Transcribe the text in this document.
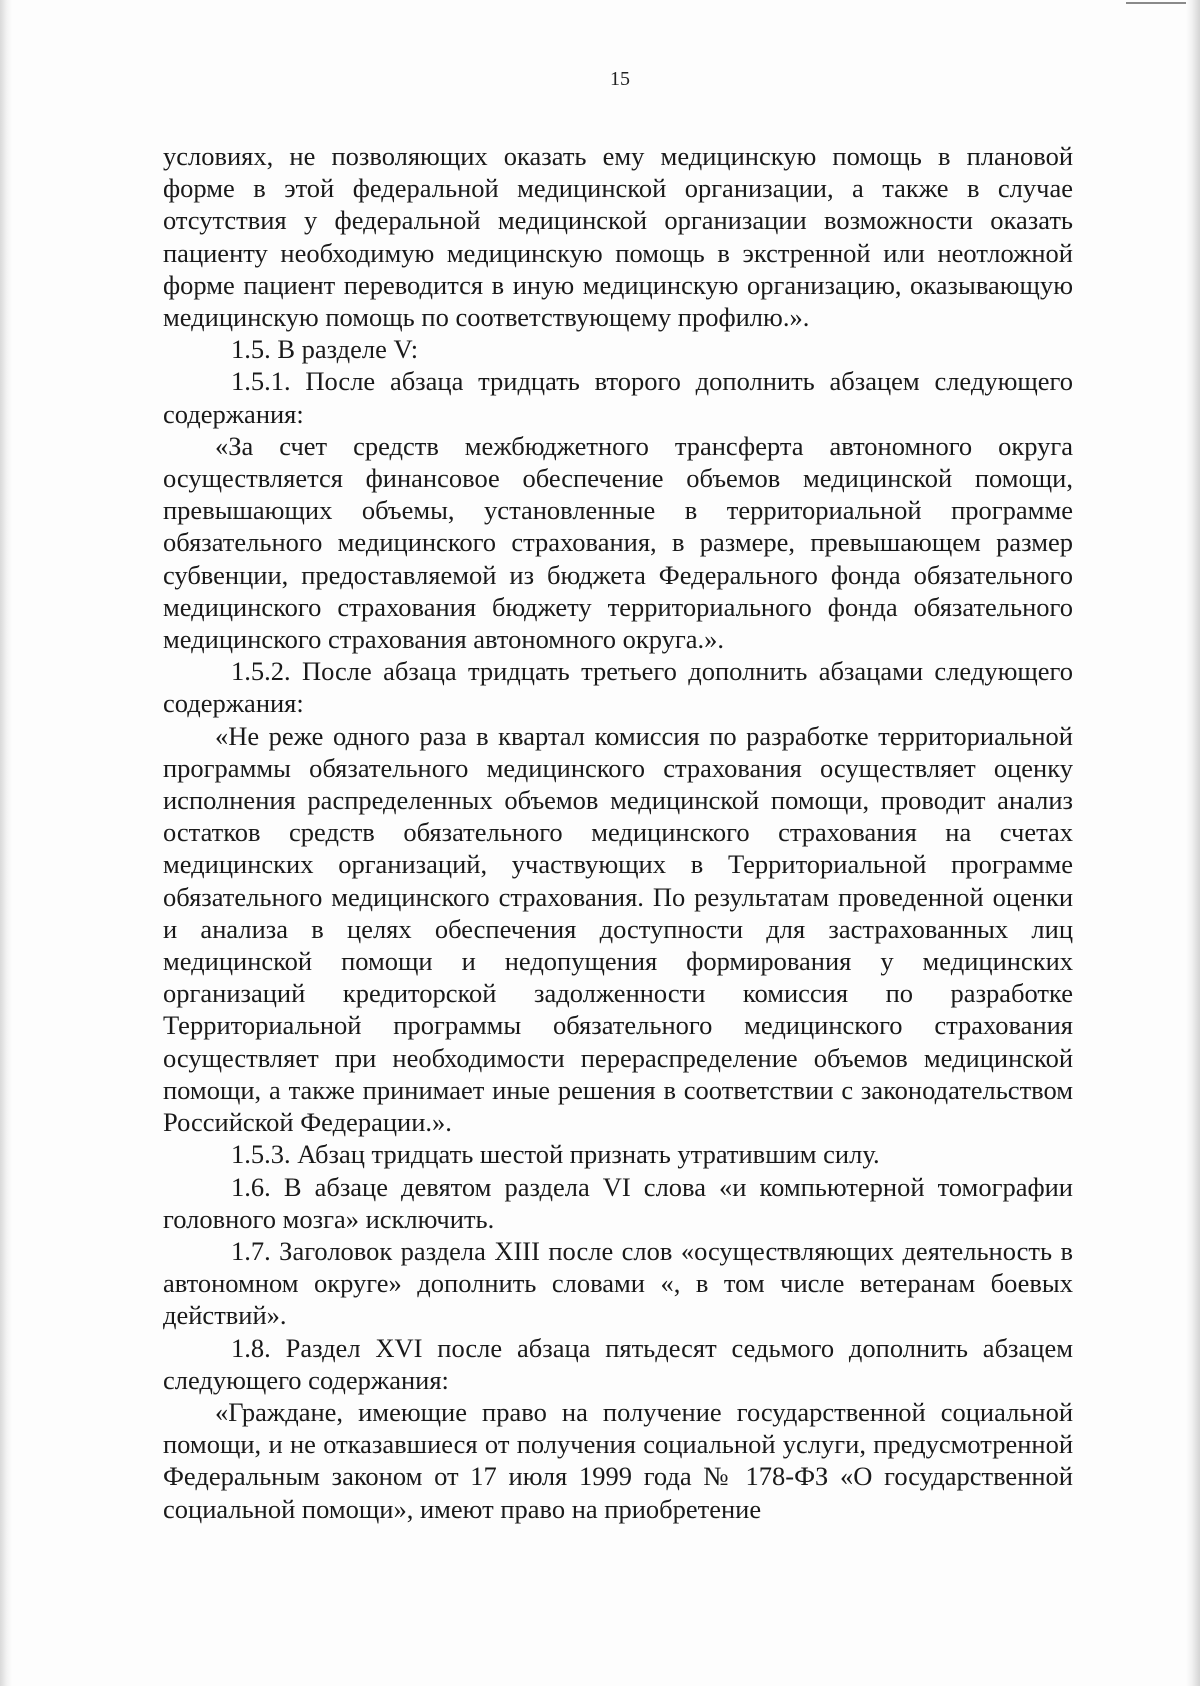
15

условиях, не позволяющих оказать ему медицинскую помощь в плановой форме в этой федеральной медицинской организации, а также в случае отсутствия у федеральной медицинской организации возможности оказать пациенту необходимую медицинскую помощь в экстренной или неотложной форме пациент переводится в иную медицинскую организацию, оказывающую медицинскую помощь по соответствующему профилю.».

1.5. В разделе V:

1.5.1. После абзаца тридцать второго дополнить абзацем следующего содержания:

«За счет средств межбюджетного трансферта автономного округа осуществляется финансовое обеспечение объемов медицинской помощи, превышающих объемы, установленные в территориальной программе обязательного медицинского страхования, в размере, превышающем размер субвенции, предоставляемой из бюджета Федерального фонда обязательного медицинского страхования бюджету территориального фонда обязательного медицинского страхования автономного округа.».

1.5.2. После абзаца тридцать третьего дополнить абзацами следующего содержания:

«Не реже одного раза в квартал комиссия по разработке территориальной программы обязательного медицинского страхования осуществляет оценку исполнения распределенных объемов медицинской помощи, проводит анализ остатков средств обязательного медицинского страхования на счетах медицинских организаций, участвующих в Территориальной программе обязательного медицинского страхования. По результатам проведенной оценки и анализа в целях обеспечения доступности для застрахованных лиц медицинской помощи и недопущения формирования у медицинских организаций кредиторской задолженности комиссия по разработке Территориальной программы обязательного медицинского страхования осуществляет при необходимости перераспределение объемов медицинской помощи, а также принимает иные решения в соответствии с законодательством Российской Федерации.».

1.5.3. Абзац тридцать шестой признать утратившим силу.

1.6. В абзаце девятом раздела VI слова «и компьютерной томографии головного мозга» исключить.

1.7. Заголовок раздела XIII после слов «осуществляющих деятельность в автономном округе» дополнить словами «, в том числе ветеранам боевых действий».

1.8. Раздел XVI после абзаца пятьдесят седьмого дополнить абзацем следующего содержания:

«Граждане, имеющие право на получение государственной социальной помощи, и не отказавшиеся от получения социальной услуги, предусмотренной Федеральным законом от 17 июля 1999 года № 178-ФЗ «О государственной социальной помощи», имеют право на приобретение
